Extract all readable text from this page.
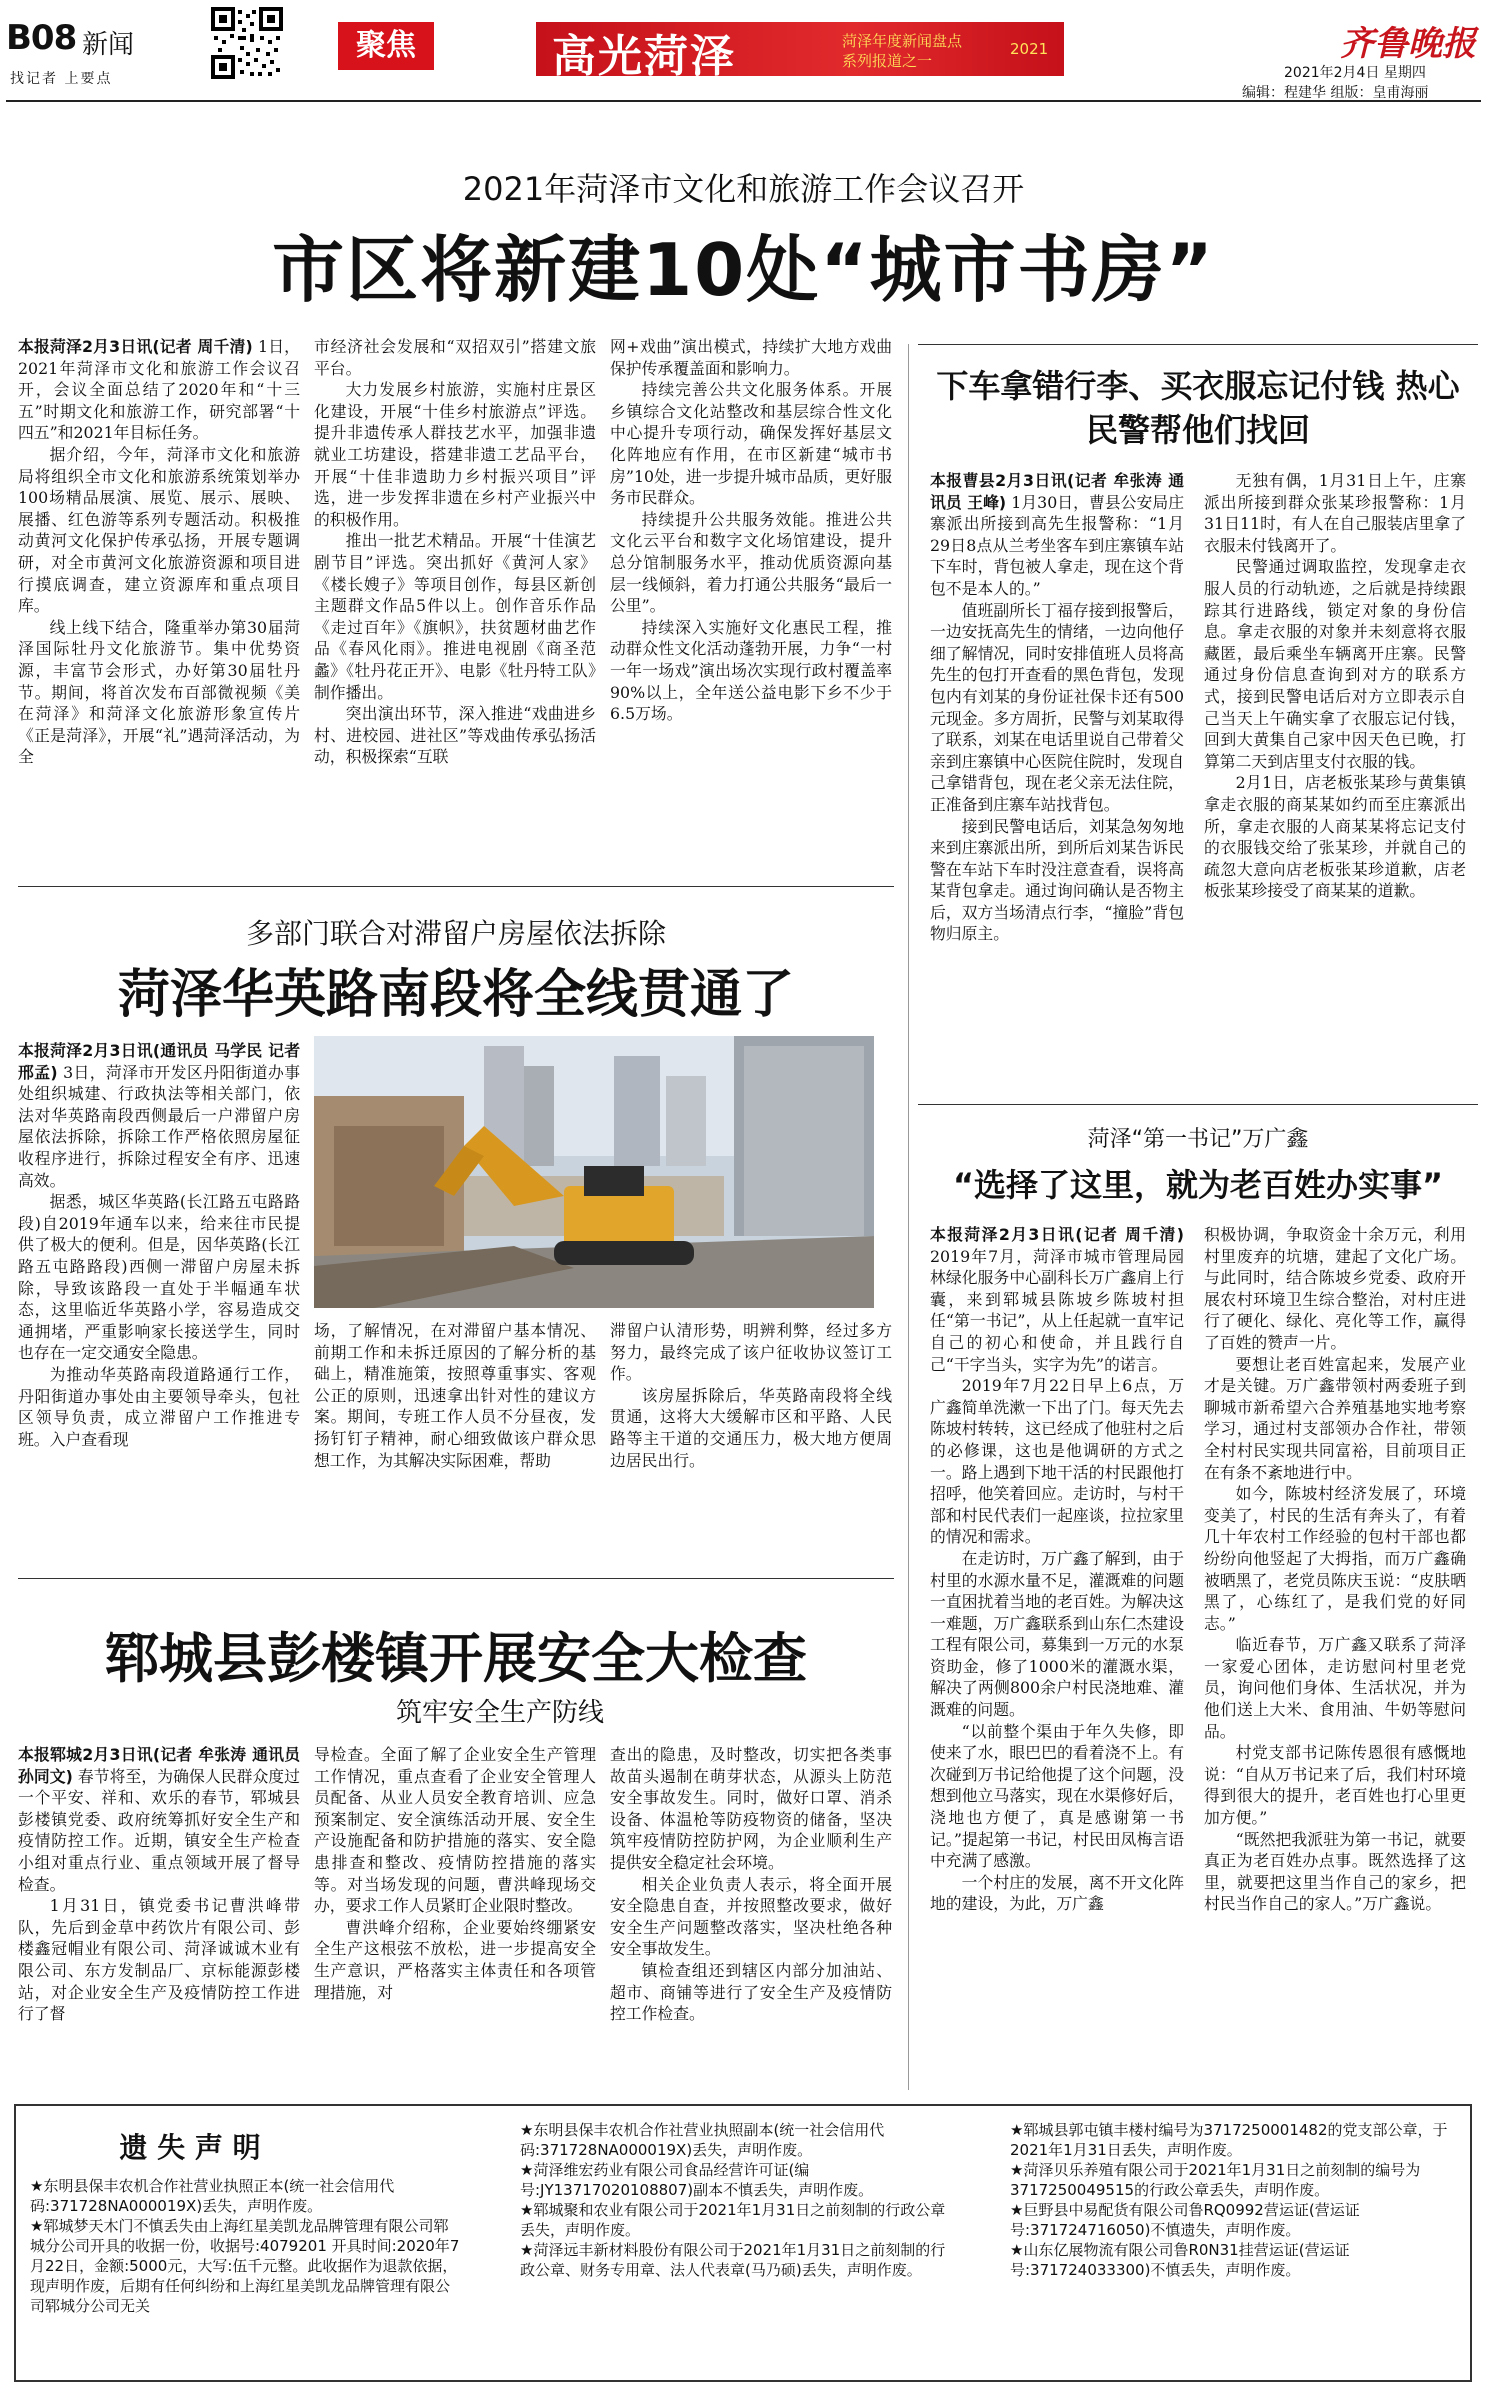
B08 新闻
找记者 上要点
聚焦	高光菏泽	菏泽年度新闻盘点
系列报道之一
2021	齐鲁晚报
2021年2月4日 星期四
编辑：程建华 组版：皇甫海丽
2021年菏泽市文化和旅游工作会议召开
市区将新建10处“城市书房”

本报菏泽2月3日讯(记者 周千清) 1日，2021年菏泽市文化和旅游工作会议召开，会议全面总结了2020年和“十三五”时期文化和旅游工作，研究部署“十四五”和2021年目标任务。

据介绍，今年，菏泽市文化和旅游局将组织全市文化和旅游系统策划举办100场精品展演、展览、展示、展映、展播、红色游等系列专题活动。积极推动黄河文化保护传承弘扬，开展专题调研，对全市黄河文化旅游资源和项目进行摸底调查，建立资源库和重点项目库。

线上线下结合，隆重举办第30届菏泽国际牡丹文化旅游节。集中优势资源，丰富节会形式，办好第30届牡丹节。期间，将首次发布百部微视频《美在菏泽》和菏泽文化旅游形象宣传片《正是菏泽》，开展“礼”遇菏泽活动，为全

市经济社会发展和“双招双引”搭建文旅平台。

大力发展乡村旅游，实施村庄景区化建设，开展“十佳乡村旅游点”评选。提升非遗传承人群技艺水平，加强非遗就业工坊建设，搭建非遗工艺品平台，开展“十佳非遗助力乡村振兴项目”评选，进一步发挥非遗在乡村产业振兴中的积极作用。

推出一批艺术精品。开展“十佳演艺剧节目”评选。突出抓好《黄河人家》《楼长嫂子》等项目创作，每县区新创主题群文作品5件以上。创作音乐作品《走过百年》《旗帜》，扶贫题材曲艺作品《春风化雨》。推进电视剧《商圣范蠡》《牡丹花正开》、电影《牡丹特工队》制作播出。

突出演出环节，深入推进“戏曲进乡村、进校园、进社区”等戏曲传承弘扬活动，积极探索“互联

网+戏曲”演出模式，持续扩大地方戏曲保护传承覆盖面和影响力。

持续完善公共文化服务体系。开展乡镇综合文化站整改和基层综合性文化中心提升专项行动，确保发挥好基层文化阵地应有作用，在市区新建“城市书房”10处，进一步提升城市品质，更好服务市民群众。

持续提升公共服务效能。推进公共文化云平台和数字文化场馆建设，提升总分馆制服务水平，推动优质资源向基层一线倾斜，着力打通公共服务“最后一公里”。

持续深入实施好文化惠民工程，推动群众性文化活动蓬勃开展，力争“一村一年一场戏”演出场次实现行政村覆盖率90%以上，全年送公益电影下乡不少于6.5万场。

下车拿错行李、买衣服忘记付钱 热心民警帮他们找回

本报曹县2月3日讯(记者 牟张涛 通讯员 王峰) 1月30日，曹县公安局庄寨派出所接到高先生报警称：“1月29日8点从兰考坐客车到庄寨镇车站下车时，背包被人拿走，现在这个背包不是本人的。”

值班副所长丁福存接到报警后，一边安抚高先生的情绪，一边向他仔细了解情况，同时安排值班人员将高先生的包打开查看的黑色背包，发现包内有刘某的身份证社保卡还有500元现金。多方周折，民警与刘某取得了联系，刘某在电话里说自己带着父亲到庄寨镇中心医院住院时，发现自己拿错背包，现在老父亲无法住院，正准备到庄寨车站找背包。

接到民警电话后，刘某急匆匆地来到庄寨派出所，到所后刘某告诉民警在车站下车时没注意查看，误将高某背包拿走。通过询问确认是否物主后，双方当场清点行李，“撞脸”背包物归原主。

无独有偶，1月31日上午，庄寨派出所接到群众张某珍报警称：1月31日11时，有人在自己服装店里拿了衣服未付钱离开了。

民警通过调取监控，发现拿走衣服人员的行动轨迹，之后就是持续跟踪其行进路线，锁定对象的身份信息。拿走衣服的对象并未刻意将衣服藏匿，最后乘坐车辆离开庄寨。民警通过身份信息查询到对方的联系方式，接到民警电话后对方立即表示自己当天上午确实拿了衣服忘记付钱，回到大黄集自己家中因天色已晚，打算第二天到店里支付衣服的钱。

2月1日，店老板张某珍与黄集镇拿走衣服的商某某如约而至庄寨派出所，拿走衣服的人商某某将忘记支付的衣服钱交给了张某珍，并就自己的疏忽大意向店老板张某珍道歉，店老板张某珍接受了商某某的道歉。

多部门联合对滞留户房屋依法拆除
菏泽华英路南段将全线贯通了

本报菏泽2月3日讯(通讯员 马学民 记者 邢孟) 3日，菏泽市开发区丹阳街道办事处组织城建、行政执法等相关部门，依法对华英路南段西侧最后一户滞留户房屋依法拆除，拆除工作严格依照房屋征收程序进行，拆除过程安全有序、迅速高效。

据悉，城区华英路(长江路五屯路路段)自2019年通车以来，给来往市民提供了极大的便利。但是，因华英路(长江路五屯路路段)西侧一滞留户房屋未拆除，导致该路段一直处于半幅通车状态，这里临近华英路小学，容易造成交通拥堵，严重影响家长接送学生，同时也存在一定交通安全隐患。

为推动华英路南段道路通行工作，丹阳街道办事处由主要领导牵头，包社区领导负责，成立滞留户工作推进专班。入户查看现

场，了解情况，在对滞留户基本情况、前期工作和未拆迁原因的了解分析的基础上，精准施策，按照尊重事实、客观公正的原则，迅速拿出针对性的建议方案。期间，专班工作人员不分昼夜，发扬钉钉子精神，耐心细致做该户群众思想工作，为其解决实际困难，帮助

滞留户认清形势，明辨利弊，经过多方努力，最终完成了该户征收协议签订工作。

该房屋拆除后，华英路南段将全线贯通，这将大大缓解市区和平路、人民路等主干道的交通压力，极大地方便周边居民出行。

菏泽“第一书记”万广鑫
“选择了这里，就为老百姓办实事”

本报菏泽2月3日讯(记者 周千清) 2019年7月，菏泽市城市管理局园林绿化服务中心副科长万广鑫肩上行囊，来到郓城县陈坡乡陈坡村担任“第一书记”，从上任起就一直牢记自己的初心和使命，并且践行自己“干字当头，实字为先”的诺言。

2019年7月22日早上6点，万广鑫简单洗漱一下出了门。每天先去陈坡村转转，这已经成了他驻村之后的必修课，这也是他调研的方式之一。路上遇到下地干活的村民跟他打招呼，他笑着回应。走访时，与村干部和村民代表们一起座谈，拉拉家里的情况和需求。

在走访时，万广鑫了解到，由于村里的水源水量不足，灌溉难的问题一直困扰着当地的老百姓。为解决这一难题，万广鑫联系到山东仁杰建设工程有限公司，募集到一万元的水泵资助金，修了1000米的灌溉水渠，解决了两侧800余户村民浇地难、灌溉难的问题。

“以前整个渠由于年久失修，即使来了水，眼巴巴的看着浇不上。有次碰到万书记给他提了这个问题，没想到他立马落实，现在水渠修好后，浇地也方便了，真是感谢第一书记。”提起第一书记，村民田凤梅言语中充满了感激。

一个村庄的发展，离不开文化阵地的建设，为此，万广鑫

积极协调，争取资金十余万元，利用村里废弃的坑塘，建起了文化广场。与此同时，结合陈坡乡党委、政府开展农村环境卫生综合整治，对村庄进行了硬化、绿化、亮化等工作，赢得了百姓的赞声一片。

要想让老百姓富起来，发展产业才是关键。万广鑫带领村两委班子到聊城市新希望六合养殖基地实地考察学习，通过村支部领办合作社，带领全村村民实现共同富裕，目前项目正在有条不紊地进行中。

如今，陈坡村经济发展了，环境变美了，村民的生活有奔头了，有着几十年农村工作经验的包村干部也都纷纷向他竖起了大拇指，而万广鑫确被晒黑了，老党员陈庆玉说：“皮肤晒黑了，心练红了，是我们党的好同志。”

临近春节，万广鑫又联系了菏泽一家爱心团体，走访慰问村里老党员，询问他们身体、生活状况，并为他们送上大米、食用油、牛奶等慰问品。

村党支部书记陈传恩很有感慨地说：“自从万书记来了后，我们村环境得到很大的提升，老百姓也打心里更加方便。”

“既然把我派驻为第一书记，就要真正为老百姓办点事。既然选择了这里，就要把这里当作自己的家乡，把村民当作自己的家人。”万广鑫说。

郓城县彭楼镇开展安全大检查
筑牢安全生产防线

本报郓城2月3日讯(记者 牟张涛 通讯员 孙同文) 春节将至，为确保人民群众度过一个平安、祥和、欢乐的春节，郓城县彭楼镇党委、政府统筹抓好安全生产和疫情防控工作。近期，镇安全生产检查小组对重点行业、重点领域开展了督导检查。

1月31日，镇党委书记曹洪峰带队，先后到金草中药饮片有限公司、彭楼鑫冠帽业有限公司、菏泽诚诚木业有限公司、东方发制品厂、京标能源彭楼站，对企业安全生产及疫情防控工作进行了督

导检查。全面了解了企业安全生产管理工作情况，重点查看了企业安全管理人员配备、从业人员安全教育培训、应急预案制定、安全演练活动开展、安全生产设施配备和防护措施的落实、安全隐患排查和整改、疫情防控措施的落实等。对当场发现的问题，曹洪峰现场交办，要求工作人员紧盯企业限时整改。

曹洪峰介绍称，企业要始终绷紧安全生产这根弦不放松，进一步提高安全生产意识，严格落实主体责任和各项管理措施，对

查出的隐患，及时整改，切实把各类事故苗头遏制在萌芽状态，从源头上防范安全事故发生。同时，做好口罩、消杀设备、体温枪等防疫物资的储备，坚决筑牢疫情防控防护网，为企业顺利生产提供安全稳定社会环境。

相关企业负责人表示，将全面开展安全隐患自查，并按照整改要求，做好安全生产问题整改落实，坚决杜绝各种安全事故发生。

镇检查组还到辖区内部分加油站、超市、商铺等进行了安全生产及疫情防控工作检查。

遗 失 声 明

★东明县保丰农机合作社营业执照正本(统一社会信用代码:371728NA000019X)丢失，声明作废。

★郓城梦天木门不慎丢失由上海红星美凯龙品牌管理有限公司郓城分公司开具的收据一份，收据号:4079201 开具时间:2020年7月22日，金额:5000元，大写:伍千元整。此收据作为退款依据，现声明作废，后期有任何纠纷和上海红星美凯龙品牌管理有限公司郓城分公司无关

★东明县保丰农机合作社营业执照副本(统一社会信用代码:371728NA000019X)丢失，声明作废。

★菏泽维宏药业有限公司食品经营许可证(编号:JY13717020108807)副本不慎丢失，声明作废。

★郓城聚和农业有限公司于2021年1月31日之前刻制的行政公章丢失，声明作废。

★菏泽远丰新材料股份有限公司于2021年1月31日之前刻制的行政公章、财务专用章、法人代表章(马乃硕)丢失，声明作废。

★郓城县郭屯镇丰楼村编号为3717250001482的党支部公章，于2021年1月31日丢失，声明作废。

★菏泽贝乐养殖有限公司于2021年1月31日之前刻制的编号为3717250049515的行政公章丢失，声明作废。

★巨野县中易配货有限公司鲁RQ0992营运证(营运证号:371724716050)不慎遗失，声明作废。

★山东亿展物流有限公司鲁R0N31挂营运证(营运证号:371724033300)不慎丢失，声明作废。
